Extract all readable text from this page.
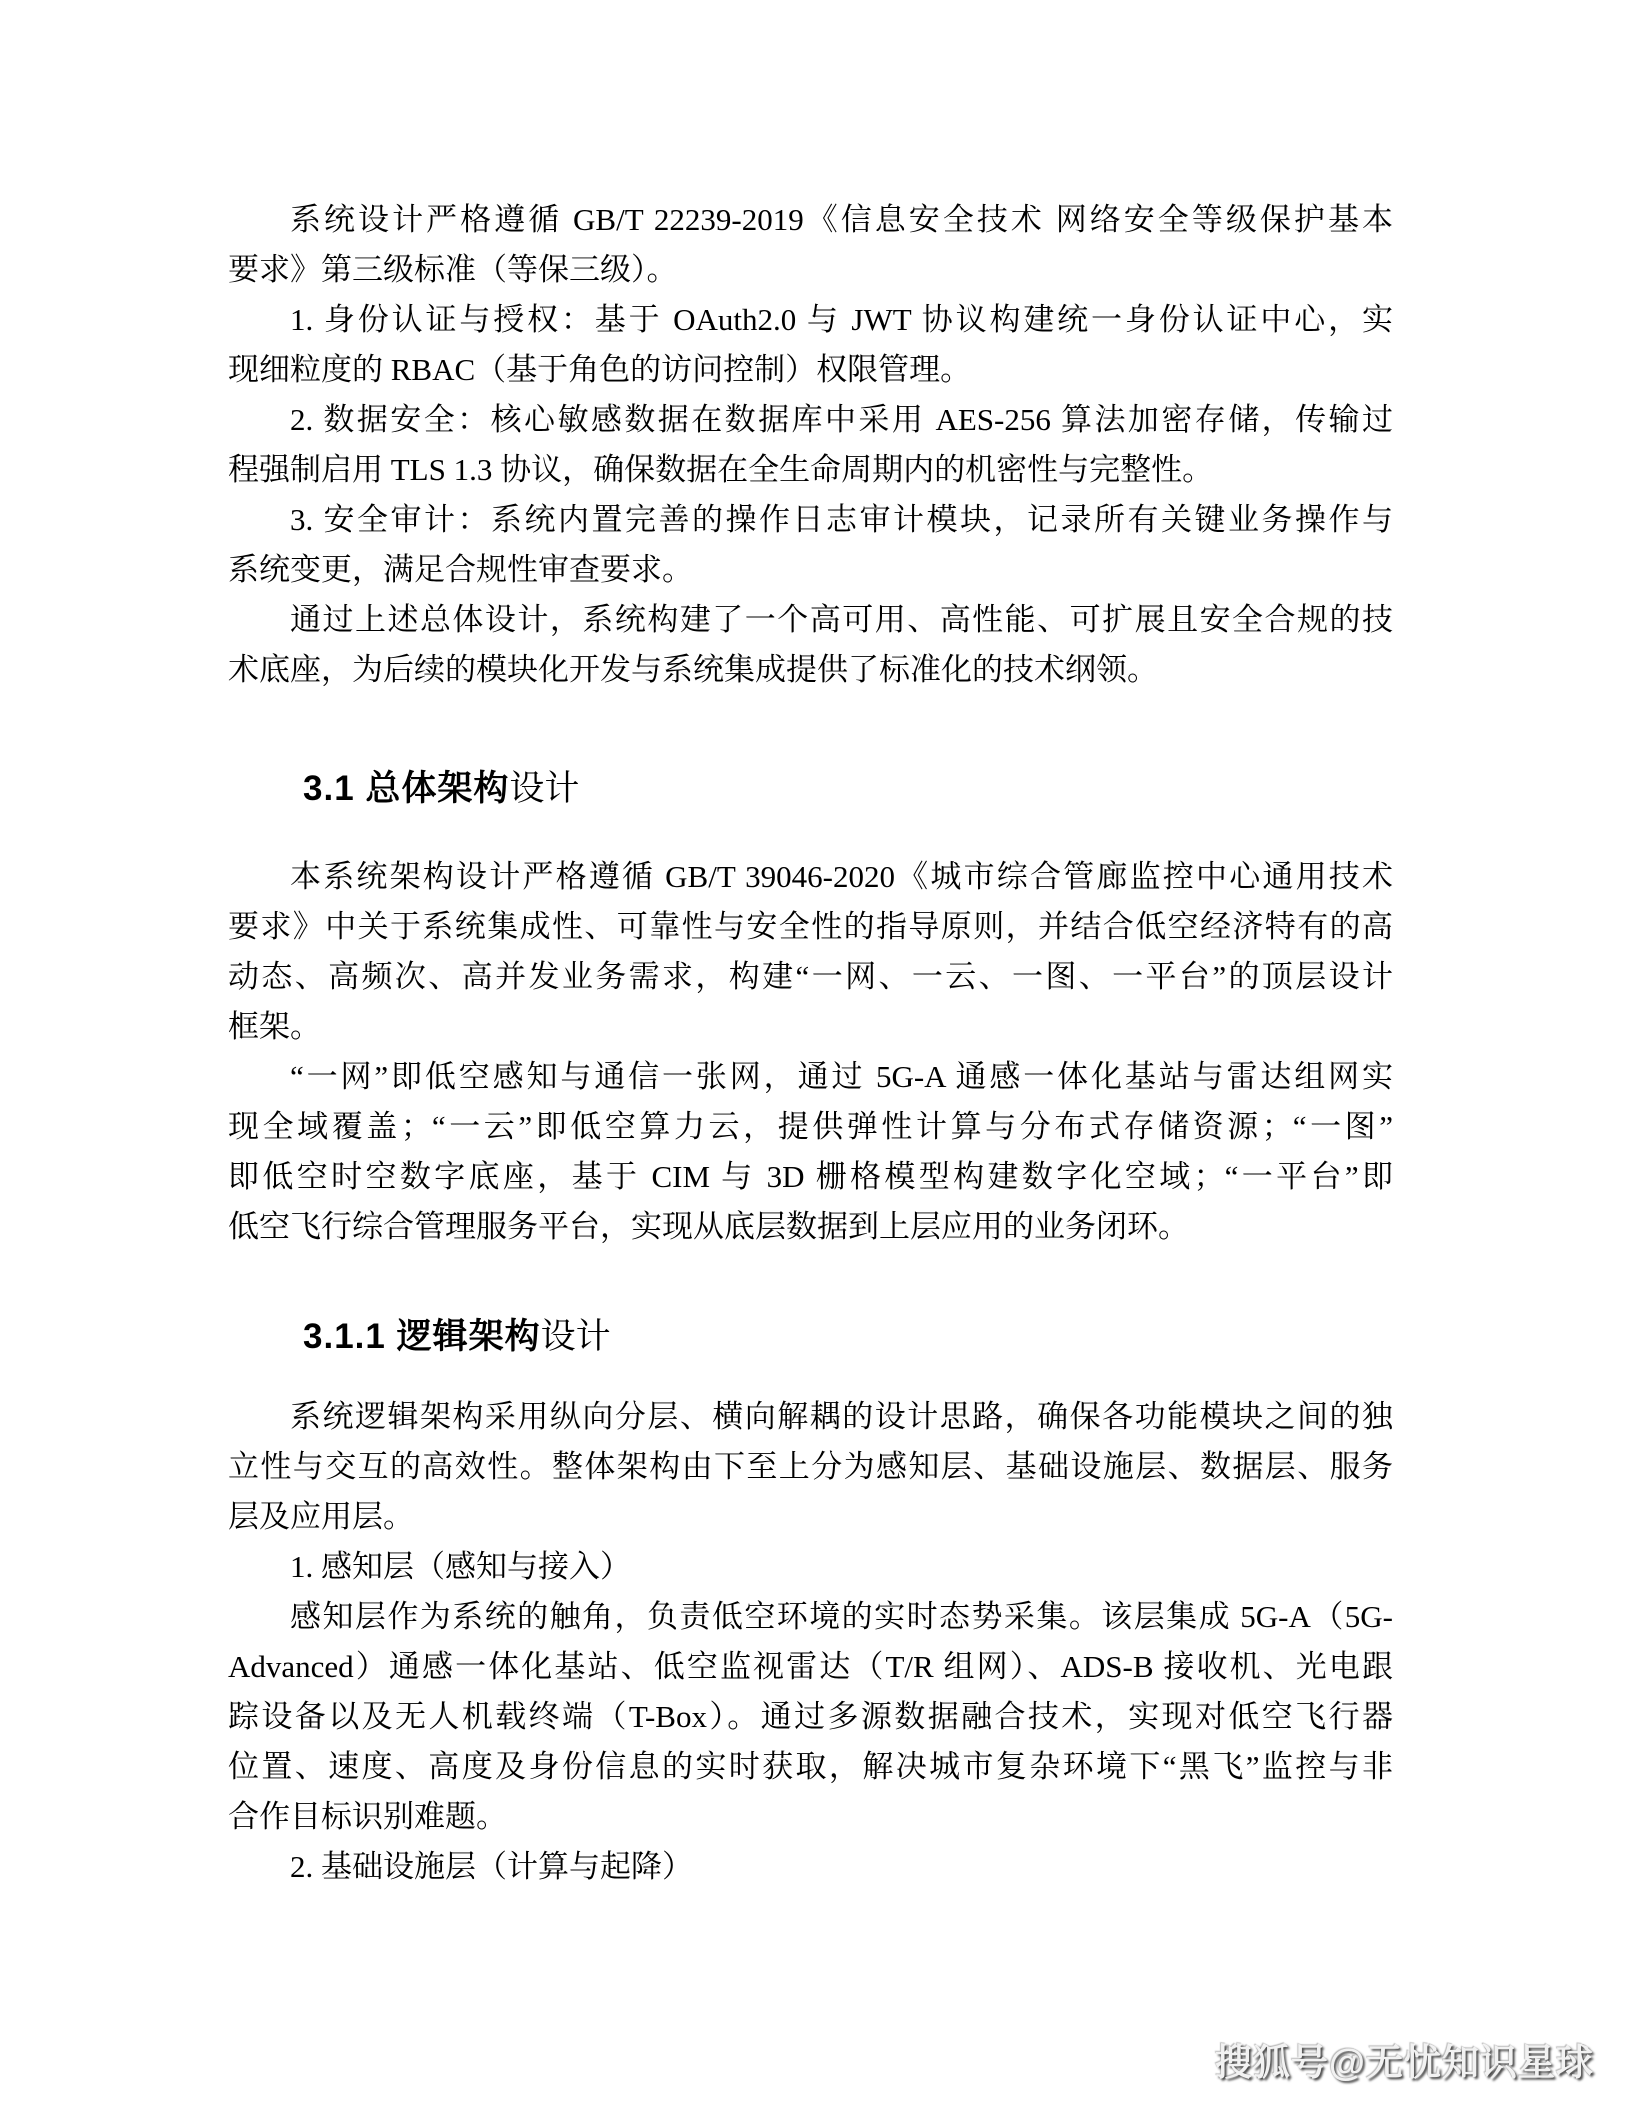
系统设计严格遵循 GB/T 22239-2019《信息安全技术 网络安全等级保护基本
要求》第三级标准（等保三级）。
1. 身份认证与授权：基于 OAuth2.0 与 JWT 协议构建统一身份认证中心，实
现细粒度的 RBAC（基于角色的访问控制）权限管理。
2. 数据安全：核心敏感数据在数据库中采用 AES-256 算法加密存储，传输过
程强制启用 TLS 1.3 协议，确保数据在全生命周期内的机密性与完整性。
3. 安全审计：系统内置完善的操作日志审计模块，记录所有关键业务操作与
系统变更，满足合规性审查要求。
通过上述总体设计，系统构建了一个高可用、高性能、可扩展且安全合规的技
术底座，为后续的模块化开发与系统集成提供了标准化的技术纲领。
3.1 总体架构设计
本系统架构设计严格遵循 GB/T 39046-2020《城市综合管廊监控中心通用技术
要求》中关于系统集成性、可靠性与安全性的指导原则，并结合低空经济特有的高
动态、高频次、高并发业务需求，构建“一网、一云、一图、一平台”的顶层设计
框架。
“一网”即低空感知与通信一张网，通过 5G-A 通感一体化基站与雷达组网实
现全域覆盖；“一云”即低空算力云，提供弹性计算与分布式存储资源；“一图”
即低空时空数字底座，基于 CIM 与 3D 栅格模型构建数字化空域；“一平台”即
低空飞行综合管理服务平台，实现从底层数据到上层应用的业务闭环。
3.1.1 逻辑架构设计
系统逻辑架构采用纵向分层、横向解耦的设计思路，确保各功能模块之间的独
立性与交互的高效性。整体架构由下至上分为感知层、基础设施层、数据层、服务
层及应用层。
1. 感知层（感知与接入）
感知层作为系统的触角，负责低空环境的实时态势采集。该层集成 5G-A（5G-
Advanced）通感一体化基站、低空监视雷达（T/R 组网）、ADS-B 接收机、光电跟
踪设备以及无人机载终端（T-Box）。通过多源数据融合技术，实现对低空飞行器
位置、速度、高度及身份信息的实时获取，解决城市复杂环境下“黑飞”监控与非
合作目标识别难题。
2. 基础设施层（计算与起降）
搜狐号@无忧知识星球
